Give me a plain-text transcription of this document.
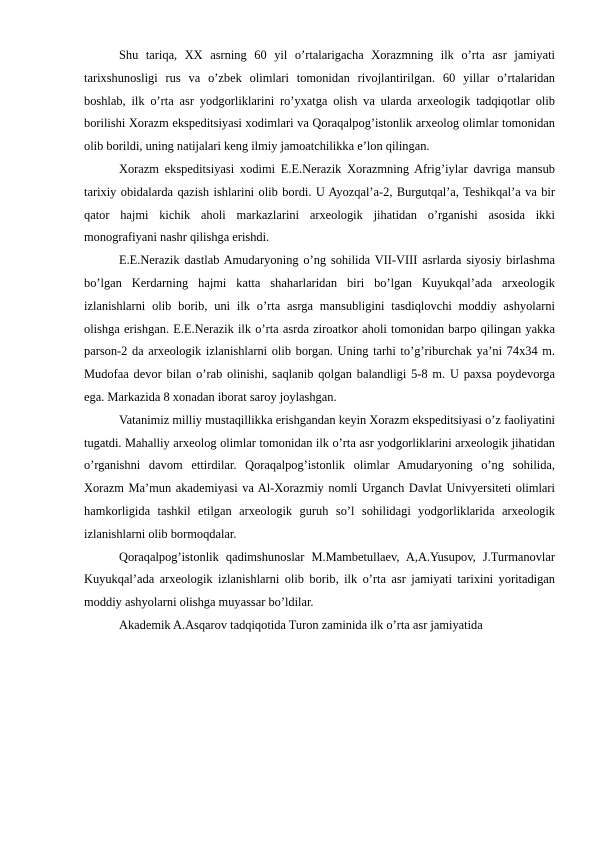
Shu tariqa, XX asrning 60 yil o’rtalarigacha Xorazmning ilk o’rta asr jamiyati tarixshunosligi rus va o’zbek olimlari tomonidan rivojlantirilgan. 60 yillar o’rtalaridan boshlab, ilk o’rta asr yodgorliklarini ro’yxatga olish va ularda arxeologik tadqiqotlar olib borilishi Xorazm ekspeditsiyasi xodimlari va Qoraqalpog’istonlik arxeolog olimlar tomonidan olib borildi, uning natijalari keng ilmiy jamoatchilikka e’lon qilingan.

Xorazm ekspeditsiyasi xodimi E.E.Nerazik Xorazmning Afrig’iylar davriga mansub tarixiy obidalarda qazish ishlarini olib bordi. U Ayozqal’a-2, Burgutqal’a, Teshikqal’a va bir qator hajmi kichik aholi markazlarini arxeologik jihatidan o’rganishi asosida ikki monografiyani nashr qilishga erishdi.

E.E.Nerazik dastlab Amudaryoning o’ng sohilida VII-VIII asrlarda siyosiy birlashma bo’lgan Kerdarning hajmi katta shaharlaridan biri bo’lgan Kuyukqal’ada arxeologik izlanishlarni olib borib, uni ilk o’rta asrga mansubligini tasdiqlovchi moddiy ashyolarni olishga erishgan. E.E.Nerazik ilk o’rta asrda ziroatkor aholi tomonidan barpo qilingan yakka parson-2 da arxeologik izlanishlarni olib borgan. Uning tarhi to’g’riburchak ya’ni 74x34 m. Mudofaa devor bilan o’rab olinishi, saqlanib qolgan balandligi 5-8 m. U paxsa poydevorga ega. Markazida 8 xonadan iborat saroy joylashgan.

Vatanimiz milliy mustaqillikka erishgandan keyin Xorazm ekspeditsiyasi o’z faoliyatini tugatdi. Mahalliy arxeolog olimlar tomonidan ilk o’rta asr yodgorliklarini arxeologik jihatidan o’rganishni davom ettirdilar. Qoraqalpog’istonlik olimlar Amudaryoning o’ng sohilida, Xorazm Ma’mun akademiyasi va Al-Xorazmiy nomli Urganch Davlat Univyersiteti olimlari hamkorligida tashkil etilgan arxeologik guruh so’l sohilidagi yodgorliklarida arxeologik izlanishlarni olib bormoqdalar.

Qoraqalpog’istonlik qadimshunoslar M.Mambetullaev, A,A.Yusupov, J.Turmanovlar Kuyukqal’ada arxeologik izlanishlarni olib borib, ilk o’rta asr jamiyati tarixini yoritadigan moddiy ashyolarni olishga muyassar bo’ldilar.

Akademik A.Asqarov tadqiqotida Turon zaminida ilk o’rta asr jamiyatida
